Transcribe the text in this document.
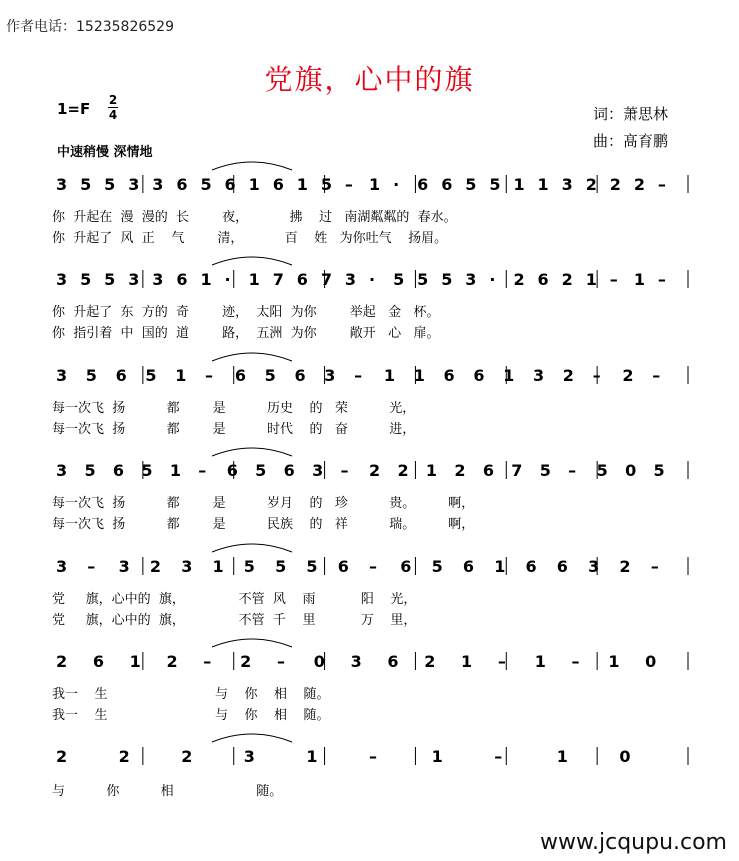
作者电话：15235826529
党旗，心中的旗
1=F 2
4	词：萧思林
曲：髙育鹏
中速稍慢 深情地
3 5 5 3 3 6 5 6 1 6 1 5 – 1 · 6 6 5 5 1 1 3 2 2 2 –
3 5 5 3 3 6 1 · 1 7 6 7 3 · 5 5 5 3 · 2 6 2 1 – 1 –
3 5 6 5 1 – 6 5 6 3 – 1 1 6 6 1 3 2 – 2 –
3 5 6 5 1 – 6 5 6 3 – 2 2 1 2 6 7 5 – 5 0 5
3 – 3 2 3 1 5 5 5 6 – 6 5 6 1 6 6 3 2 –
2 6 1 2 – 2 – 0 3 6 2 1 – 1 – 1 0
2	2	2	3	1	–	1	–	1	0
你  升起在  漫  漫的  长        夜，          拂    过   南湖粼粼的  春水。
你  升起了  风  正    气        清，          百    姓   为你吐气    扬眉。
你  升起了  东  方的  奇        迹，  太阳  为你        举起   金   杯。
你  指引着  中  国的  道        路，  五洲  为你        敞开   心   扉。
每一次飞  扬          都        是          历史    的   荣          光，
每一次飞  扬          都        是          时代    的   奋          进，
每一次飞  扬          都        是          岁月    的   珍          贵。        啊，
每一次飞  扬          都        是          民族    的   祥          瑞。        啊，
党     旗，心中的  旗，             不管  风    雨           阳    光，
党     旗，心中的  旗，             不管  千    里           万    里，
我一    生                          与    你    相    随。
我一    生                          与    你    相    随。
与          你          相                    随。
www.jcqupu.com
